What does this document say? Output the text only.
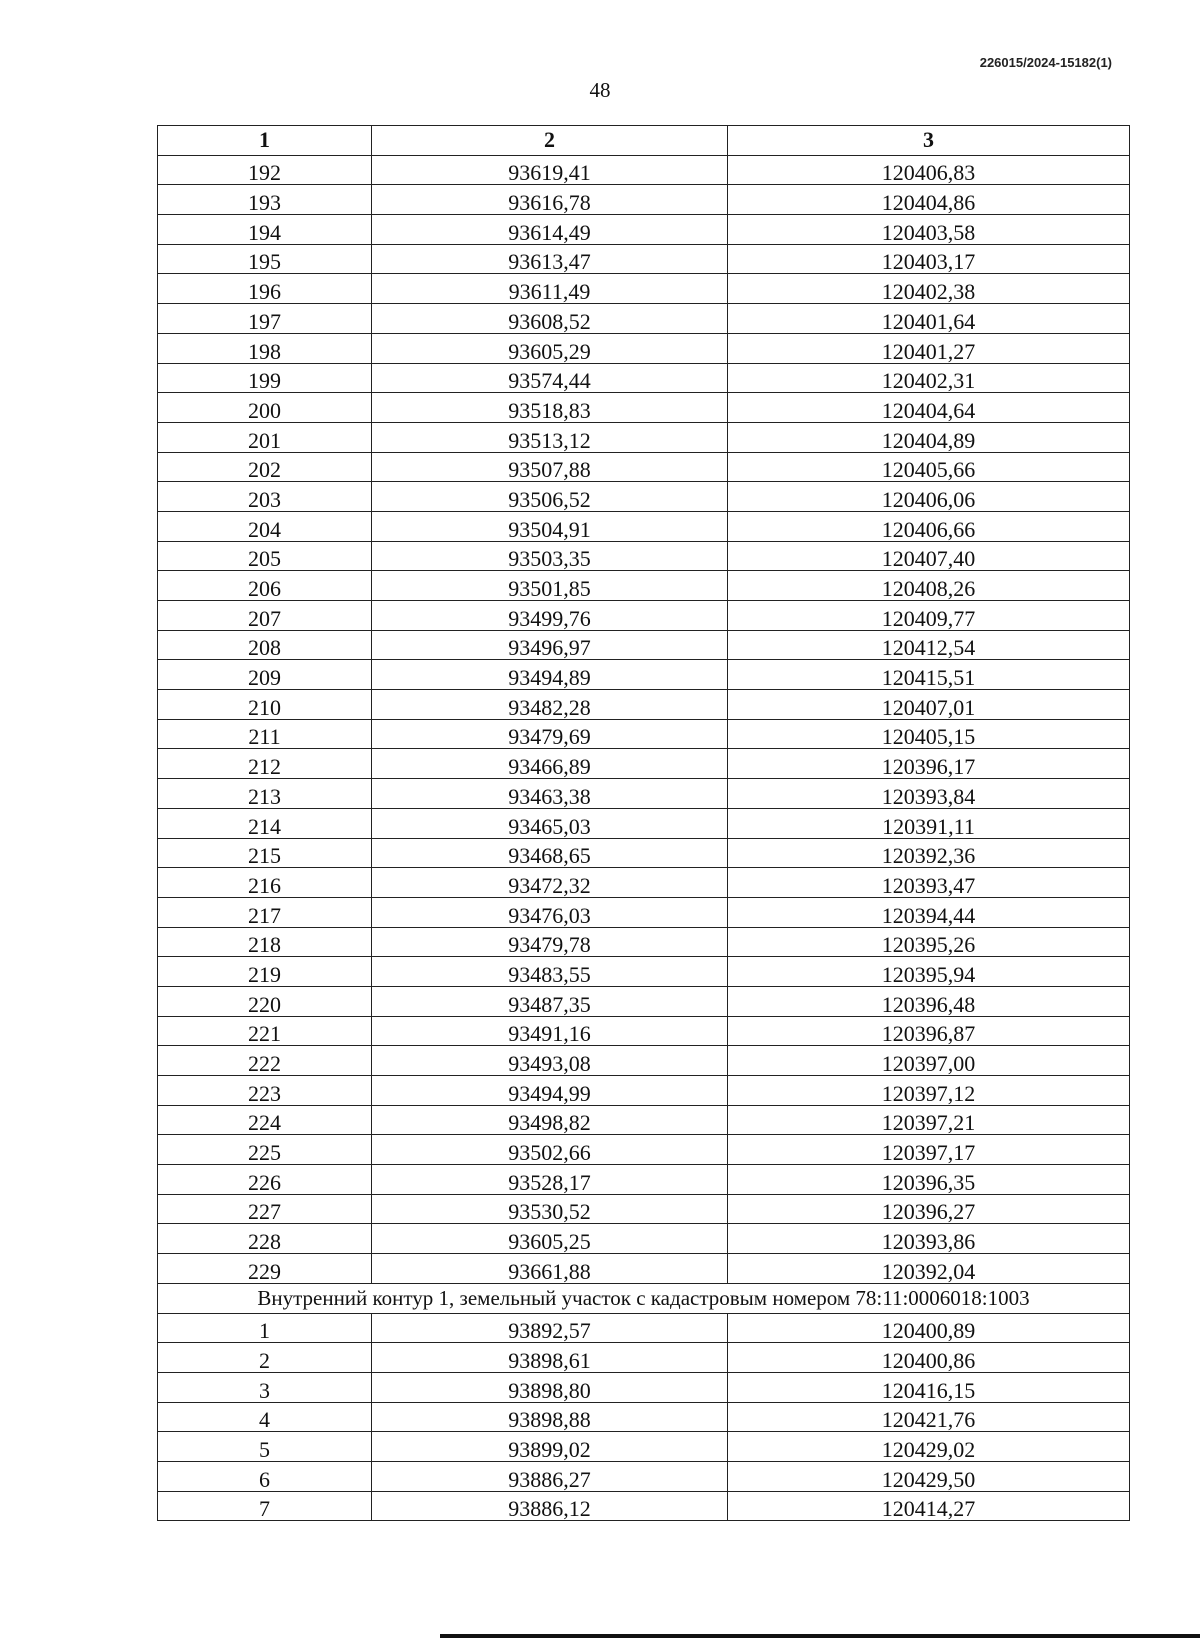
226015/2024-15182(1)
48
1	2	3
192	93619,41	120406,83
193	93616,78	120404,86
194	93614,49	120403,58
195	93613,47	120403,17
196	93611,49	120402,38
197	93608,52	120401,64
198	93605,29	120401,27
199	93574,44	120402,31
200	93518,83	120404,64
201	93513,12	120404,89
202	93507,88	120405,66
203	93506,52	120406,06
204	93504,91	120406,66
205	93503,35	120407,40
206	93501,85	120408,26
207	93499,76	120409,77
208	93496,97	120412,54
209	93494,89	120415,51
210	93482,28	120407,01
211	93479,69	120405,15
212	93466,89	120396,17
213	93463,38	120393,84
214	93465,03	120391,11
215	93468,65	120392,36
216	93472,32	120393,47
217	93476,03	120394,44
218	93479,78	120395,26
219	93483,55	120395,94
220	93487,35	120396,48
221	93491,16	120396,87
222	93493,08	120397,00
223	93494,99	120397,12
224	93498,82	120397,21
225	93502,66	120397,17
226	93528,17	120396,35
227	93530,52	120396,27
228	93605,25	120393,86
229	93661,88	120392,04
Внутренний контур 1, земельный участок с кадастровым номером 78:11:0006018:1003		
1	93892,57	120400,89
2	93898,61	120400,86
3	93898,80	120416,15
4	93898,88	120421,76
5	93899,02	120429,02
6	93886,27	120429,50
7	93886,12	120414,27
